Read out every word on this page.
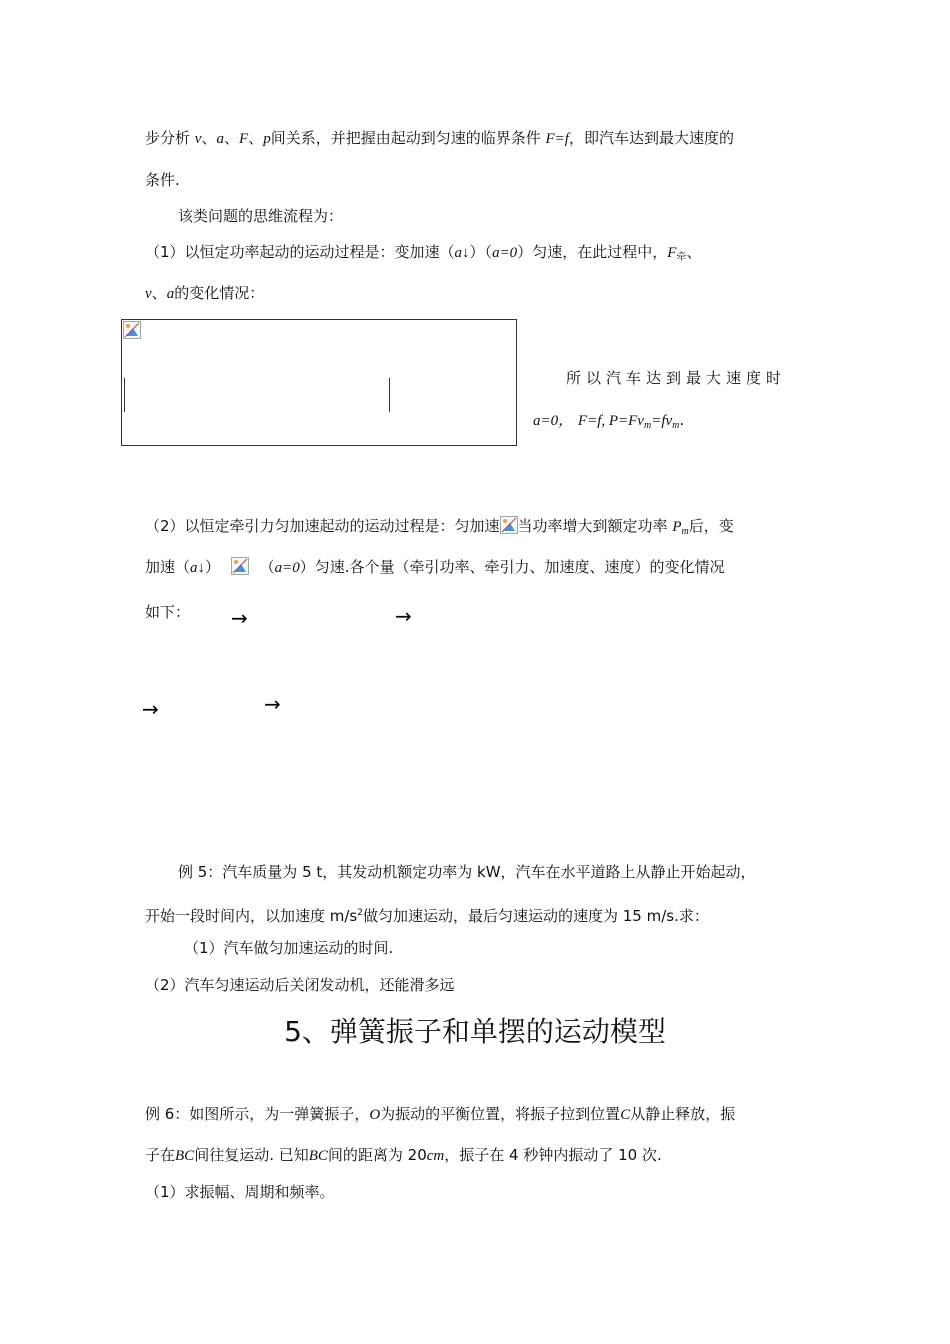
步分析 v、a、F、p间关系，并把握由起动到匀速的临界条件 F=f，即汽车达到最大速度的
条件.
该类问题的思维流程为：
（1）以恒定功率起动的运动过程是：变加速（a↓）（a=0）匀速，在此过程中，$F_牵$、
v、a的变化情况：
所以汽车达到最大速度时
a=0， F=f, $P=Fv_m=fv_m$.
（2）以恒定牵引力匀加速起动的运动过程是：匀加速 当功率增大到额定功率 $P_m$后，变
加速（a↓）	（a=0）匀速.各个量（牵引功率、牵引力、加速度、速度）的变化情况
如下： →	→
→	→
例 5：汽车质量为 5 t，其发动机额定功率为 kW，汽车在水平道路上从静止开始起动，
开始一段时间内，以加速度 $m/s^2$做匀加速运动，最后匀速运动的速度为 15 m/s.求：
（1）汽车做匀加速运动的时间.
（2）汽车匀速运动后关闭发动机，还能滑多远
5、弹簧振子和单摆的运动模型
例 6：如图所示，为一弹簧振子，O为振动的平衡位置，将振子拉到位置C从静止释放，振
子在BC间往复运动. 已知BC间的距离为 20cm，振子在 4 秒钟内振动了 10 次.
（1）求振幅、周期和频率。
